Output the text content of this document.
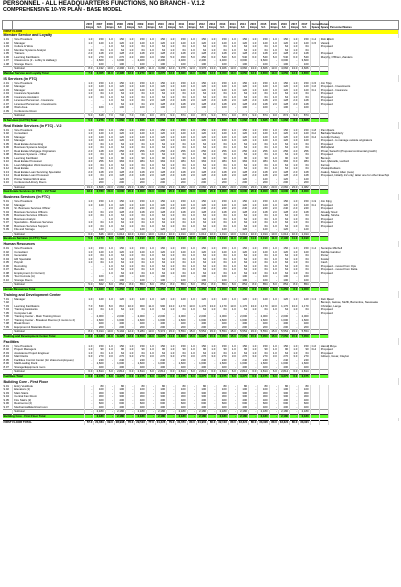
PERSONNEL - ALL HEADQUARTERS FUNCTIONS, NO BRANCH - V.1.2
COMPREHENSIVE 10-YR PLAN - BASE MODEL
		2007 Emps	2007 S.F.	2008 Emps	2008 S.F.	2009 Emps	2009 S.F.	2010 Emps	2010 S.F.	2011 Emps	2011 S.F.	2012 Emps	2012 S.F.	2013 Emps	2013 S.F.	2014 Emps	2014 S.F.	2015 Emps	2015 S.F.	2016 Emps	2016 S.F.	2017 Emps	2017 S.F.	Current Space	Future Space	Personnel Names
FIRST FLOOR																										
Member Service and Loyalty																										
1.01	Vice President	1.0	150	1.0	150	1.0	150	1.0	150	1.0	150	1.0	150	1.0	150	1.0	150	1.0	150	1.0	150	1.0	150	C-4	Rob Elliott	
1.02	Manager	1.0	120	1.0	120	1.0	120	1.0	120	1.0	120	1.0	120	1.0	120	1.0	120	1.0	120	1.0	120	1.0	120	C-5	Vacant	
1.03	Culture & Wow	-	-	1.0	64	1.0	64	1.0	64	1.0	64	1.0	64	1.0	64	1.0	64	1.0	64	1.0	64	1.0	64		Proposed	
1.04	Member Systems Analyst	1.0	64	1.0	64	1.0	64	1.0	64	1.0	64	1.0	64	1.0	64	1.0	64	1.0	64	1.0	64	1.0	64			
1.05	Trainers	2.0	128	2.0	128	2.0	128	2.0	128	2.0	128	2.0	128	2.0	128	2.0	128	2.0	128	2.0	128	2.0	128		Proposed	
1.06	Learning Facilitators	3.0	270	3.0	270	4.0	360	4.0	360	5.0	450	5.0	450	6.0	540	6.0	540	6.0	540	6.0	540	6.0	540		Murphy, O'Brien, Zanders	
1.07	Classrooms (2 - Lobby & Hallway)	-	1,600	-	1,600	-	2,400	-	2,400	-	2,400	-	2,400	-	2,400	-	3,600	-	3,600	-	3,600	-	3,600			
1.08	Storage Room	-	100	-	100	-	100	-	100	-	100	-	100	-	100	-	100	-	100	-	100	-	100			
	Subtotal	8.0	2,432	10.0	2,496	11.0	3,286	11.0	3,286	12.0	3,376	12.0	3,376	13.0	3,466	13.0	4,666	13.0	4,666	13.0	4,666	13.0	4,666			
Member Service and Loyalty Total		7.0	2,405	11.0	2,495	12.0	3,270	12.0	3,270	13.0	3,360	13.0	3,360	13.0	3,450	13.0	4,650	13.0	4,650	13.0	4,650	13.0	4,650			

IS Services (in FTC)																										
2.01	Vice President	1.0	150	1.0	150	1.0	150	1.0	150	1.0	150	1.0	150	1.0	150	1.0	150	1.0	150	1.0	150	1.0	150	C-5	Jim Trap	
2.02	Manager	1.0	120	1.0	120	1.0	120	1.0	120	1.0	120	1.0	120	1.0	120	1.0	120	1.0	120	1.0	120	1.0	120	C-6	Proposed - Investments	
2.03	Manager	1.0	120	1.0	120	1.0	120	1.0	120	1.0	120	1.0	120	1.0	120	1.0	120	1.0	120	1.0	120	1.0	120	D-1	Proposed - Insurance	
2.04	Insurance Specialist	1.0	64	1.0	64	1.0	64	1.0	64	1.0	64	1.0	64	1.0	64	1.0	64	1.0	64	1.0	64	1.0	64		Proposed	
2.05	Insurance Assistant	1.0	64	1.0	64	1.0	64	1.0	64	1.0	64	1.0	64	1.0	64	1.0	64	1.0	64	1.0	64	1.0	64		Proposed	
2.06	Licensed Personnel - Insurance	-	-	1.0	64	1.0	64	2.0	128	2.0	128	2.0	128	2.0	128	2.0	128	2.0	128	2.0	128	2.0	128		Proposed	
2.07	Licensed Personnel - Investments	-	-	1.0	64	1.0	64	2.0	128	2.0	128	2.0	128	2.0	128	2.0	128	2.0	128	2.0	128	2.0	128		Proposed	
2.08	Work Area	-	100	-	100	-	100	-	100	-	100	-	100	-	100	-	100	-	100	-	100	-	100			
2.09	Conference Room	-	-	-	-	-	-	-	-	-	-	-	-	-	-	-	-	-	-	-	-	-	-			
	Subtotal	5.0	618	7.0	746	7.0	746	9.0	874	9.0	874	9.0	874	9.0	874	9.0	874	9.0	874	9.0	874	9.0	874			
IS Services (in FTC) Total		5.0	1,276	7.0	1,660	8.0	1,666	8.0	1,666	8.0	1,666	8.0	1,666	8.0	1,666	8.0	1,666	8.0	1,666	8.0	1,666	8.0	1,666			

Real Estate Services (in FTC) - V.2																										
3.01	Vice President	1.0	150	1.0	150	1.0	150	1.0	150	1.0	150	1.0	150	1.0	150	1.0	150	1.0	150	1.0	150	1.0	150	C-8	Pam Davis	
3.02	Consultant	1.0	120	1.0	120	1.0	120	1.0	120	1.0	120	1.0	120	1.0	120	1.0	120	1.0	120	1.0	120	1.0	120	D-2	Barbara Wedderly	
3.03	Manager	1.0	120	1.0	120	1.0	120	1.0	120	1.0	120	1.0	120	1.0	120	1.0	120	1.0	120	1.0	120	1.0	120	D-4	Jennifer Kelsey	
3.04	Manager	1.0	120	1.0	120	1.0	120	1.0	120	1.0	120	1.0	120	1.0	120	1.0	120	1.0	120	1.0	120	1.0	120		Proposed - to manage outside originators	
3.05	Real Estate Accounting	1.0	64	1.0	64	1.0	64	1.0	64	1.0	64	1.0	64	1.0	64	1.0	64	1.0	64	1.0	64	1.0	64		Proposed	
3.06	Business Systems Analyst	1.0	64	1.0	64	1.0	64	1.0	64	1.0	64	1.0	64	1.0	64	1.0	64	1.0	64	1.0	64	1.0	64		McFarland	
3.07	Real Estate Mortgage Originators	2.0	128	4.0	256	4.0	256	4.0	256	4.0	256	4.0	256	4.0	256	4.0	256	4.0	256	4.0	256	4.0	256		Privat, Sanuzhi (Proposal continental growth)	
3.08	Business Systems - Other	1.0	64	1.0	64	1.0	64	1.0	64	1.0	64	1.0	64	1.0	64	1.0	64	1.0	64	1.0	64	1.0	64		Proposed	
3.09	Learning Facilitator	1.0	90	1.0	90	1.0	90	1.0	90	1.0	90	1.0	90	1.0	90	1.0	90	1.0	90	1.0	90	1.0	90		Benson	
3.10	Real Estate Processor	4.0	256	6.0	384	6.0	384	6.0	384	6.0	384	6.0	384	6.0	384	6.0	384	6.0	384	6.0	384	6.0	384		Kerr, Metcalfe, Lanford	
3.11	Loan Mitigation Work Harmony	1.0	64	1.0	64	1.0	64	1.0	64	1.0	64	1.0	64	1.0	64	1.0	64	1.0	64	1.0	64	1.0	64		Farrow	
3.12	Real Estate	1.0	64	1.0	64	1.0	64	1.0	64	1.0	64	1.0	64	1.0	64	1.0	64	1.0	64	1.0	64	1.0	64		Vicekenheilsam	
3.13	Real Estate Loan Servicing Specialist	2.0	128	2.0	128	2.0	128	2.0	128	2.0	128	2.0	128	2.0	128	2.0	128	2.0	128	2.0	128	2.0	128		Avalon, Slavel, Allen (new)	
3.14	Real Estate Loan Processor	1.0	64	2.0	128	2.0	128	2.0	128	2.0	128	2.0	128	2.0	128	2.0	128	2.0	128	2.0	128	2.0	128		Proposed, Initially 1/2 only; latter one for other ExecSpt	
3.15	Printer Station/Work area	-	120	-	120	-	120	-	120	-	120	-	120	-	120	-	120	-	120	-	120	-	120			
3.16	Conference/Library Room	-	200	-	200	-	200	-	200	-	200	-	200	-	200	-	200	-	200	-	200	-	200			
	Subtotal	19.0	1,826	23.0	2,082	23.0	2,082	23.0	2,082	23.0	2,082	23.0	2,082	23.0	2,082	23.0	2,082	23.0	2,082	23.0	2,082	23.0	2,082			
Real Estate Services (in FTC) - V.2 Total		18.0	2,780	20.0	3,000	20.0	3,000	20.0	3,000	20.0	3,000	20.0	3,000	20.0	3,000	20.0	3,000	20.0	3,000	20.0	3,000	20.0	3,000			

Business Services (in FTC)																										
5.01	Vice President	1.0	150	1.0	150	1.0	150	1.0	150	1.0	150	1.0	150	1.0	150	1.0	150	1.0	150	1.0	150	1.0	150	C-9	Jim King	
5.02	Manager	1.0	120	1.0	120	1.0	120	1.0	120	1.0	120	1.0	120	1.0	120	1.0	120	1.0	120	1.0	120	1.0	120	D-1	Proposed	
5.03	Sr. Business Services Officer	-	-	2.0	240	2.0	240	2.0	240	2.0	240	2.0	240	2.0	240	2.0	240	2.0	240	2.0	240	2.0	240		Proposed	
5.04	Business Services Officers	1.0	64	2.0	128	2.0	128	2.0	128	2.0	128	2.0	128	2.0	128	2.0	128	2.0	128	2.0	128	2.0	128		Already hired	
5.05	Business Services Officers	1.0	64	1.0	64	1.0	64	1.0	64	1.0	64	1.0	64	1.0	64	1.0	64	1.0	64	1.0	64	1.0	64		Seattle, Strube	
5.06	Business Analyst	-	-	1.0	64	1.0	64	1.0	64	1.0	64	1.0	64	1.0	64	1.0	64	1.0	64	1.0	64	1.0	64		Proposed	
5.07	Specialists - Business Services	1.0	64	1.0	64	1.0	64	1.0	64	1.0	64	1.0	64	1.0	64	1.0	64	1.0	64	1.0	64	1.0	64		Proposed	
5.08	Business Services Support	1.0	64	1.0	64	1.0	64	1.0	64	1.0	64	1.0	64	1.0	64	1.0	64	1.0	64	1.0	64	1.0	64		Proposed	
5.09	File and Storage	-	120	-	120	-	120	-	120	-	120	-	120	-	120	-	120	-	120	-	120	-	120			
	Subtotal	6.0	646	10.0	1,014	10.0	1,014	10.0	1,014	10.0	1,014	10.0	1,014	10.0	1,014	10.0	1,014	10.0	1,014	10.0	1,014	10.0	1,014			
Business Services (in FTC) Total		5.0	1,170	8.0	1,545	11.0	2,190	11.0	2,190	11.0	2,190	11.0	2,190	11.0	2,190	11.0	2,190	11.0	2,190	11.0	2,190	11.0	2,190			

Human Resources																										
6.01	Vice President	1.0	150	1.0	150	1.0	150	1.0	150	1.0	150	1.0	150	1.0	150	1.0	150	1.0	150	1.0	150	1.0	150	C-4	Suzanne Mitchell	
6.02	Consultant	1.0	120	1.0	120	1.0	120	1.0	120	1.0	120	1.0	120	1.0	120	1.0	120	1.0	120	1.0	120	1.0	120		Debbie Gardner	
6.03	Generalist	1.0	64	1.0	64	1.0	64	1.0	64	1.0	64	1.0	64	1.0	64	1.0	64	1.0	64	1.0	64	1.0	64		Porter	
6.04	HR Specialist	1.0	64	1.0	64	1.0	64	1.0	64	1.0	64	1.0	64	1.0	64	1.0	64	1.0	64	1.0	64	1.0	64		Fowler	
6.05	Payroll	1.0	64	1.0	64	1.0	64	1.0	64	1.0	64	1.0	64	1.0	64	1.0	64	1.0	64	1.0	64	1.0	64		Cash	
6.06	Recruiting	-	-	1.0	64	1.0	64	1.0	64	1.0	64	1.0	64	1.0	64	1.0	64	1.0	64	1.0	64	1.0	64		Proposed - moved from Ops	
6.07	Benefits	-	-	1.0	64	1.0	64	1.0	64	1.0	64	1.0	64	1.0	64	1.0	64	1.0	64	1.0	64	1.0	64		Proposed - moved from Delta	
6.08	Employment (in Current)	-	-	1.0	64	1.0	64	1.0	64	1.0	64	1.0	64	1.0	64	1.0	64	1.0	64	1.0	64	1.0	64		Proposed	
6.09	Tool Corrode (A)	-	100	-	100	-	100	-	100	-	100	-	100	-	100	-	100	-	100	-	100	-	100			
6.10	Storage Room	-	100	-	100	-	100	-	100	-	100	-	100	-	100	-	100	-	100	-	100	-	100			
	Subtotal	5.0	662	8.0	854	8.0	854	8.0	854	8.0	854	8.0	854	8.0	854	8.0	854	8.0	854	8.0	854	8.0	854			
Human Resources Total		5.0	1,020	8.0	1,350	8.0	1,350	8.0	1,350	8.0	1,350	8.0	1,350	8.0	1,350	8.0	1,350	8.0	1,350	8.0	1,350	8.0	1,350			

Training and Development Center																										
7.01	Manager	1.0	120	1.0	120	1.0	120	1.0	120	1.0	120	1.0	120	1.0	120	1.0	120	1.0	120	1.0	120	1.0	120	C-3	Deb Read	
7.02																									Benson, Geisse, Moffit, Barrentine, Neuwoeke	
7.03	Learning Facilitators	7.0	630	8.0	810	10.0	900	11.0	990	13.0	1,170	13.0	1,170	13.0	1,170	13.0	1,170	13.0	1,170	13.0	1,170	13.0	1,170		Christian, Lange	
7.04	Training Assistants	1.0	64	1.0	64	1.0	64	1.0	64	1.0	64	1.0	64	1.0	64	1.0	64	1.0	64	1.0	64	1.0	64		Proposed	
7.05	Computer Lab	-	-	-	-	-	-	-	-	-	-	-	-	-	-	-	-	-	-	-	-	-	-		Proposed	
7.06	Training Center - Main Training Room	-	2,000	-	2,000	-	2,000	-	2,000	-	2,000	-	2,000	-	2,000	-	2,000	-	2,000	-	2,000	-	2,000			
7.07	Training Center - Breakout Rooms (4 rooms to 4)	-	1,600	-	1,600	-	1,600	-	1,600	-	1,600	-	1,600	-	1,600	-	1,600	-	1,600	-	1,600	-	1,600			
7.08	Break Room	-	400	-	400	-	400	-	400	-	400	-	400	-	400	-	400	-	400	-	400	-	400			
7.09	Equipment & Materials Room	-	200	-	200	-	200	-	200	-	200	-	200	-	200	-	200	-	200	-	200	-	200			
	Subtotal	8.0	5,014	10.0	5,194	12.0	5,284	13.0	5,374	15.0	5,554	15.0	5,554	15.0	5,554	15.0	5,554	15.0	5,554	15.0	5,554	15.0	5,554			
Training and Development Center Total		8.0	6,180	11.0	6,425	12.0	6,550	13.0	6,675	14.0	6,800	15.0	6,925	15.0	7,050	15.0	7,050	15.0	7,050	15.0	7,050	15.0	7,050			

Facilities																										
8.01	Vice President	1.0	150	1.0	150	1.0	150	1.0	150	1.0	150	1.0	150	1.0	150	1.0	150	1.0	150	1.0	150	1.0	150	C-6	Harold Moye	
8.02	Project Managers	1.0	90	1.0	90	1.0	90	1.0	90	1.0	90	1.0	90	1.0	90	1.0	90	1.0	90	1.0	90	1.0	90	D-4	Proposed	
8.03	Assistance Project Engineer	1.0	64	1.0	64	1.0	64	1.0	64	1.0	64	1.0	64	1.0	64	1.0	64	1.0	64	1.0	64	1.0	64		Proposed	
8.04	Mail Clerks	3.0	270	3.0	270	3.0	270	3.0	270	3.0	270	3.0	270	3.0	270	3.0	270	3.0	270	3.0	270	3.0	270		Gibson, Grear, Clayton	
8.05	Facilities Control Center (for shared employees)	-	240	-	240	-	240	-	240	-	240	-	240	-	240	-	240	-	240	-	240	-	240			
8.06	Mail/Loading Dock	-	1,600	-	1,600	-	1,600	-	1,600	-	1,600	-	1,600	-	1,600	-	1,600	-	1,600	-	1,600	-	1,600			
8.07	Storage/Equipment room	-	400	-	400	-	400	-	400	-	400	-	400	-	400	-	400	-	400	-	400	-	400			
	Subtotal	6.0	2,814	6.0	2,814	6.0	2,814	6.0	2,814	6.0	2,814	6.0	2,814	6.0	2,814	6.0	2,814	6.0	2,814	6.0	2,814	6.0	2,814			
Facilities Total		6.0	3,375	6.0	3,375	6.0	3,375	6.0	3,375	6.0	3,375	6.0	3,375	6.0	3,375	6.0	3,375	6.0	3,375	6.0	3,375	6.0	3,375			

Building Core - First Floor																										
9.01	Entry Vestibule	-	80	-	80	-	80	-	80	-	80	-	80	-	80	-	80	-	80	-	80	-	80			
9.02	Elevators (1)	-	100	-	100	-	100	-	100	-	100	-	100	-	100	-	100	-	100	-	100	-	100			
9.03	Main Stairs	-	300	-	300	-	300	-	300	-	300	-	300	-	300	-	300	-	300	-	300	-	300			
9.04	Central Fan Room	-	300	-	300	-	300	-	300	-	300	-	300	-	300	-	300	-	300	-	300	-	300			
9.05	Fire Stairs (2)	-	400	-	400	-	400	-	400	-	400	-	400	-	400	-	400	-	400	-	400	-	400			
9.06	Restrooms (2)	-	600	-	600	-	600	-	600	-	600	-	600	-	600	-	600	-	600	-	600	-	600			
9.07	Mechanical/Electrical room	-	400	-	400	-	400	-	400	-	400	-	400	-	400	-	400	-	400	-	400	-	400			
	Subtotal	-	2,180	-	2,180	-	2,180	-	2,180	-	2,180	-	2,180	-	2,180	-	2,180	-	2,180	-	2,180	-	2,180			
Building Core - First Floor Total		-	2,180	-	2,180	-	2,180	-	2,180	-	2,180	-	2,180	-	2,180	-	2,180	-	2,180	-	2,180	-	2,180			

FIRST FLOOR TOTAL		57.0	21,661	69.0	28,998	76.0	29,523	77.0	31,226	79.0	31,651	80.0	31,961	80.0	32,103	80.0	33,321	80.0	33,326	80.0	33,321	80.0	33,321			
